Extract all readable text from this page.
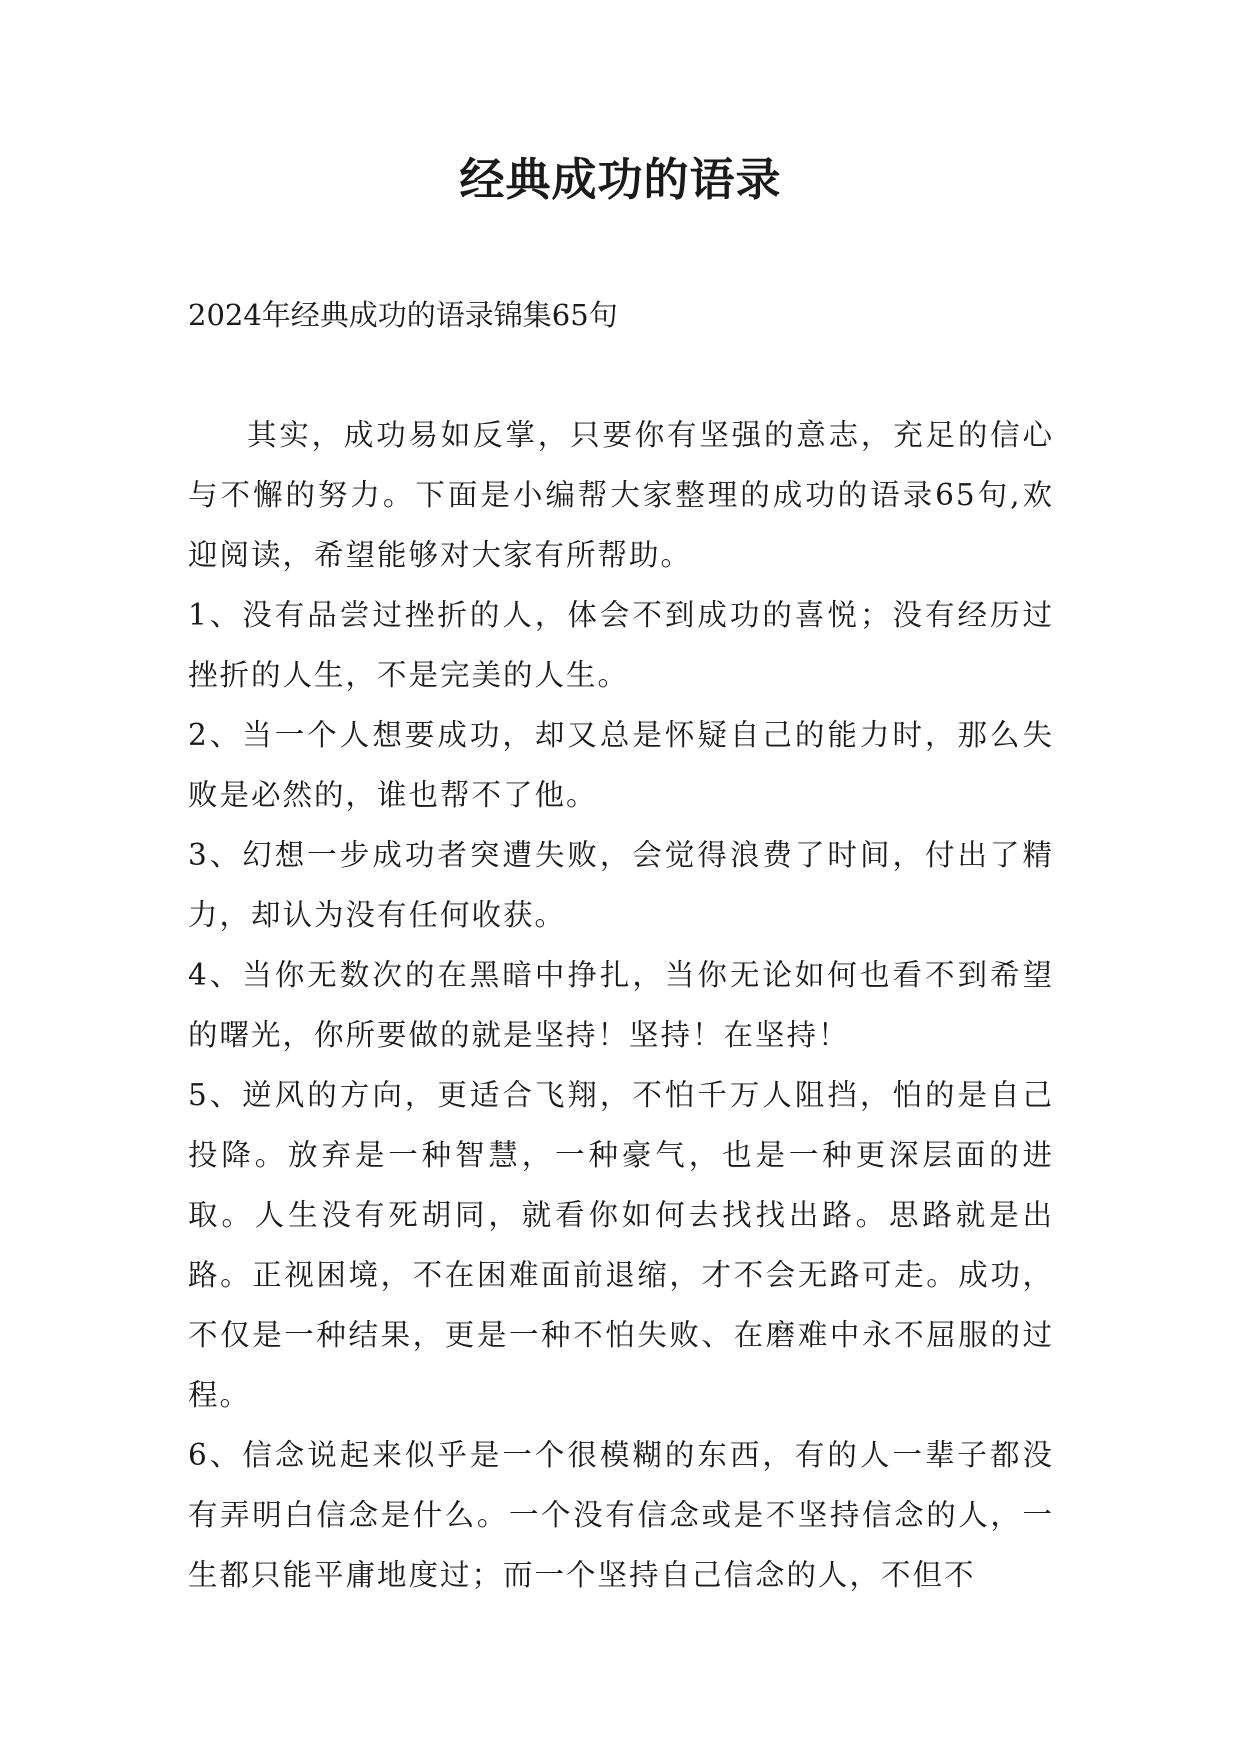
经典成功的语录
2024年经典成功的语录锦集65句

其实，成功易如反掌，只要你有坚强的意志，充足的信心与不懈的努力。下面是小编帮大家整理的成功的语录65句,欢迎阅读，希望能够对大家有所帮助。

1、没有品尝过挫折的人，体会不到成功的喜悦；没有经历过挫折的人生，不是完美的人生。

2、当一个人想要成功，却又总是怀疑自己的能力时，那么失败是必然的，谁也帮不了他。

3、幻想一步成功者突遭失败，会觉得浪费了时间，付出了精力，却认为没有任何收获。

4、当你无数次的在黑暗中挣扎，当你无论如何也看不到希望的曙光，你所要做的就是坚持！坚持！在坚持！

5、逆风的方向，更适合飞翔，不怕千万人阻挡，怕的是自己投降。放弃是一种智慧，一种豪气，也是一种更深层面的进取。人生没有死胡同，就看你如何去找找出路。思路就是出路。正视困境，不在困难面前退缩，才不会无路可走。成功，不仅是一种结果，更是一种不怕失败、在磨难中永不屈服的过程。

6、信念说起来似乎是一个很模糊的东西，有的人一辈子都没有弄明白信念是什么。一个没有信念或是不坚持信念的人，一生都只能平庸地度过；而一个坚持自己信念的人，不但不
